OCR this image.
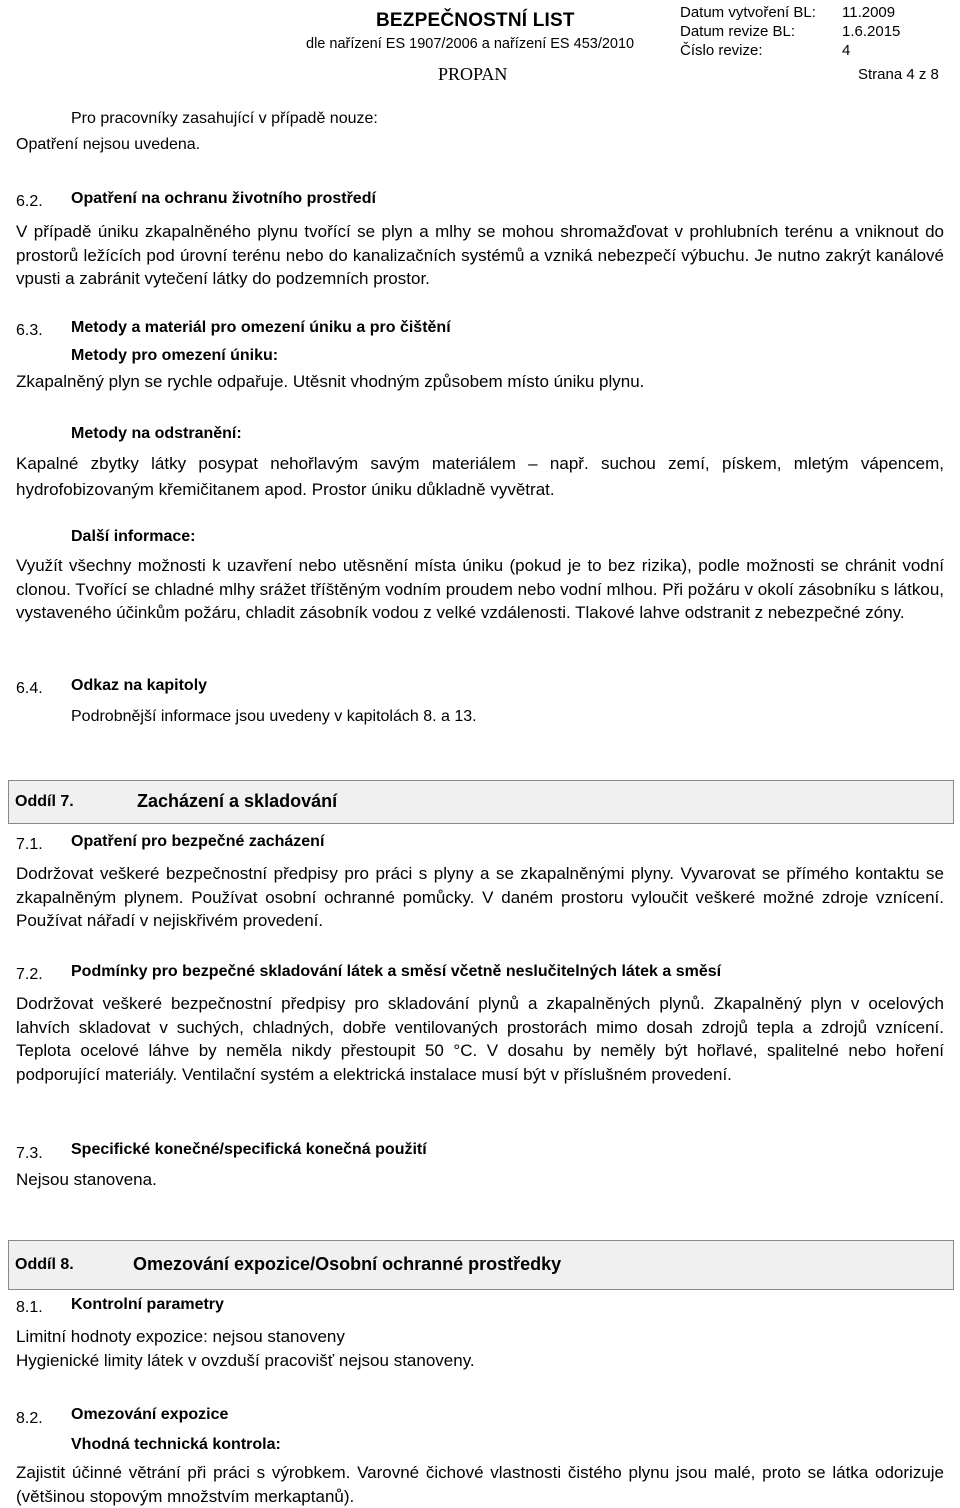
BEZPEČNOSTNÍ LIST
dle nařízení ES 1907/2006 a nařízení ES 453/2010
PROPAN
Datum vytvoření BL: 11.2009
Datum revize BL:	1.6.2015
Číslo revize:	4
Strana 4 z 8
Pro pracovníky zasahující v případě nouze:
Opatření nejsou uvedena.
6.2. Opatření na ochranu životního prostředí
V případě úniku zkapalněného plynu tvořící se plyn a mlhy se mohou shromažďovat v prohlubních terénu a vniknout do prostorů ležících pod úrovní terénu nebo do kanalizačních systémů a vzniká nebezpečí výbuchu. Je nutno zakrýt kanálové vpusti a zabránit vytečení látky do podzemních prostor.
6.3. Metody a materiál pro omezení úniku a pro čištění
Metody pro omezení úniku:
Zkapalněný plyn se rychle odpařuje. Utěsnit vhodným způsobem místo úniku plynu.
Metody na odstranění:
Kapalné zbytky látky posypat nehořlavým savým materiálem – např. suchou zemí, pískem, mletým vápencem, hydrofobizovaným křemičitanem apod. Prostor úniku důkladně vyvětrat.
Další informace:
Využít všechny možnosti k uzavření nebo utěsnění místa úniku (pokud je to bez rizika), podle možnosti se chránit vodní clonou. Tvořící se chladné mlhy srážet tříštěným vodním proudem nebo vodní mlhou. Při požáru v okolí zásobníku s látkou, vystaveného účinkům požáru, chladit zásobník vodou z velké vzdálenosti. Tlakové lahve odstranit z nebezpečné zóny.
6.4. Odkaz na kapitoly
Podrobnější informace jsou uvedeny v kapitolách 8. a 13.
Oddíl 7.	Zacházení a skladování
7.1. Opatření pro bezpečné zacházení
Dodržovat veškeré bezpečnostní předpisy pro práci s plyny a se zkapalněnými plyny. Vyvarovat se přímého kontaktu se zkapalněným plynem. Používat osobní ochranné pomůcky. V daném prostoru vyloučit veškeré možné zdroje vznícení. Používat nářadí v nejiskřivém provedení.
7.2. Podmínky pro bezpečné skladování látek a směsí včetně neslučitelných látek a směsí
Dodržovat veškeré bezpečnostní předpisy pro skladování plynů a zkapalněných plynů. Zkapalněný plyn v ocelových lahvích skladovat v suchých, chladných, dobře ventilovaných prostorách mimo dosah zdrojů tepla a zdrojů vznícení. Teplota ocelové láhve by neměla nikdy přestoupit 50 °C. V dosahu by neměly být hořlavé, spalitelné nebo hoření podporující materiály. Ventilační systém a elektrická instalace musí být v příslušném provedení.
7.3. Specifické konečné/specifická konečná použití
Nejsou stanovena.
Oddíl 8.	Omezování expozice/Osobní ochranné prostředky
8.1. Kontrolní parametry
Limitní hodnoty expozice: nejsou stanoveny
Hygienické limity látek v ovzduší pracovišť nejsou stanoveny.
8.2. Omezování expozice
Vhodná technická kontrola:
Zajistit účinné větrání při práci s výrobkem. Varovné čichové vlastnosti čistého plynu jsou malé, proto se látka odorizuje (většinou stopovým množstvím merkaptanů).
